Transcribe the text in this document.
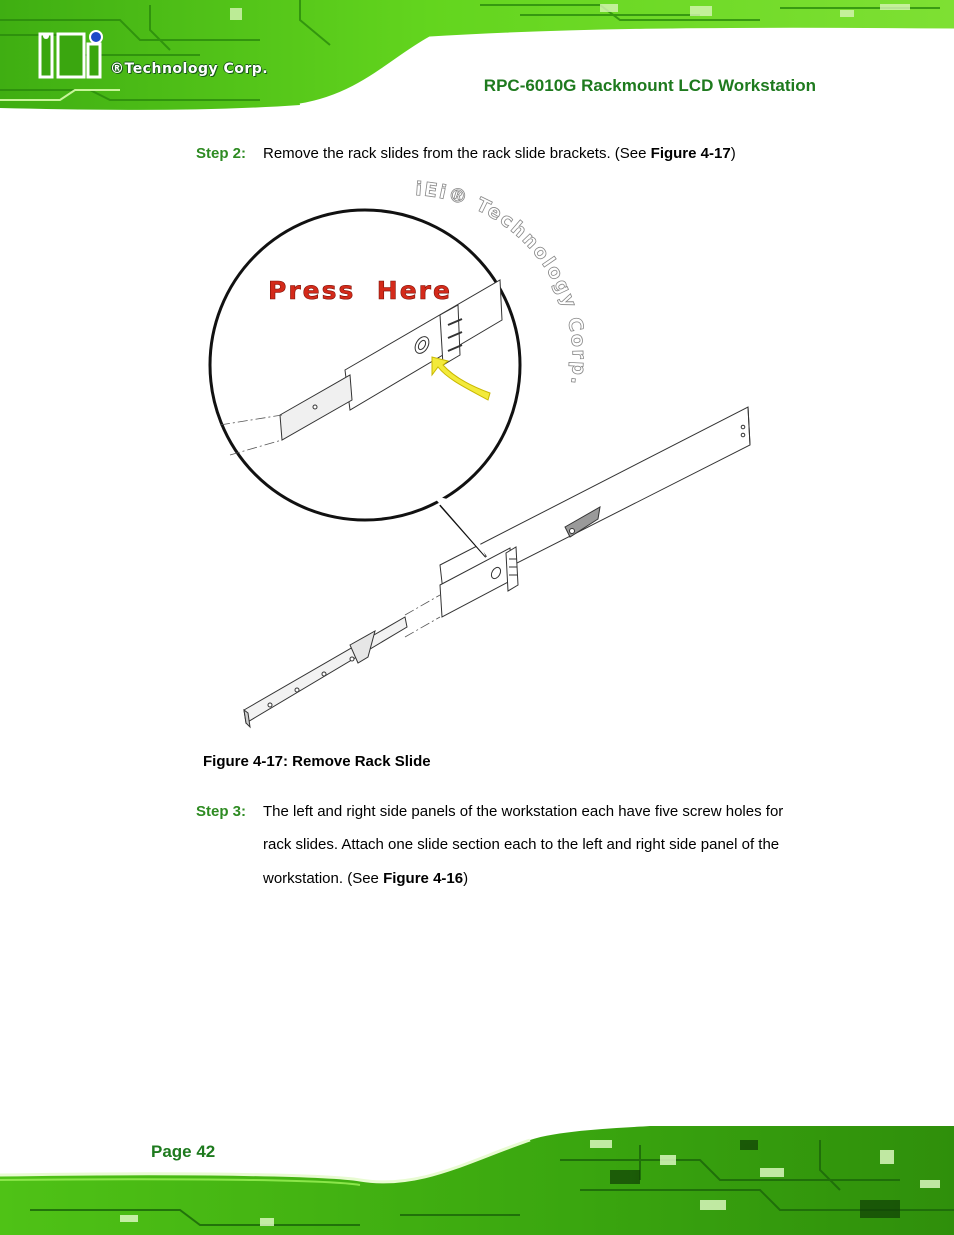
®Technology Corp.
RPC-6010G Rackmount LCD Workstation
Step 2: Remove the rack slides from the rack slide brackets. (See Figure 4-17)
Press  Here
iEi® Technology Corp.
Figure 4-17: Remove Rack Slide
Step 3: The left and right side panels of the workstation each have five screw holes for
rack slides. Attach one slide section each to the left and right side panel of the
workstation. (See Figure 4-16)
Page 42
